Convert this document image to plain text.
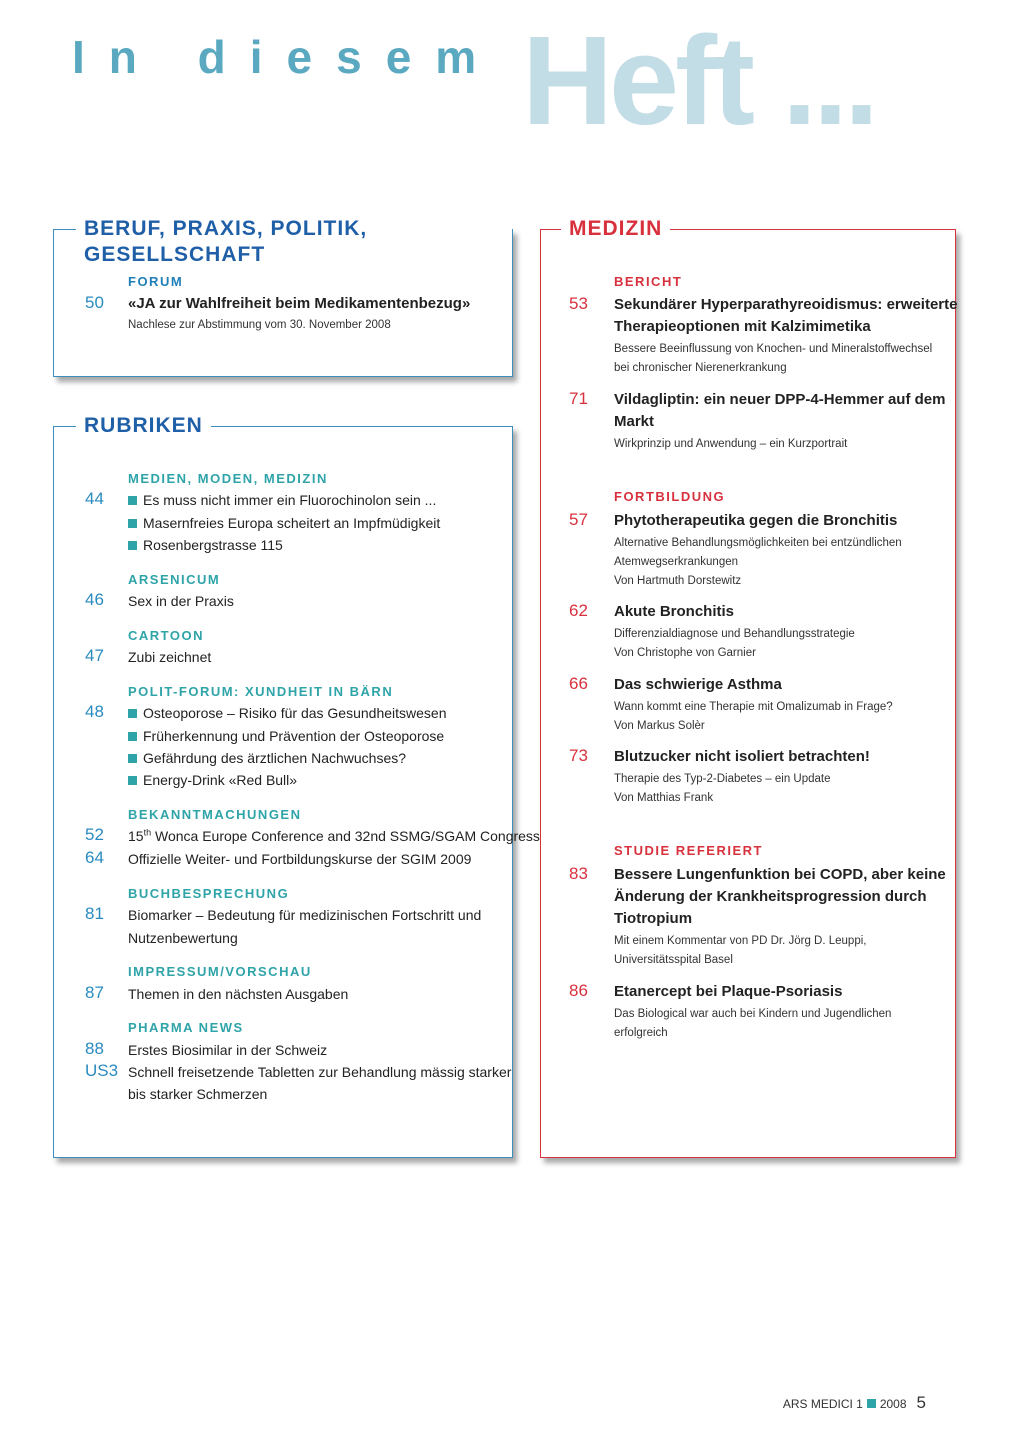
In diesem Heft ...
BERUF, PRAXIS, POLITIK, GESELLSCHAFT
FORUM
50 «JA zur Wahlfreiheit beim Medikamentenbezug»
Nachlese zur Abstimmung vom 30. November 2008
RUBRIKEN
MEDIEN, MODEN, MEDIZIN
44	Es muss nicht immer ein Fluorochinolon sein ...
Masernfreies Europa scheitert an Impfmüdigkeit
Rosenbergstrasse 115
ARSENICUM
46 Sex in der Praxis
CARTOON
47 Zubi zeichnet
POLIT-FORUM: XUNDHEIT IN BÄRN
48	Osteoporose – Risiko für das Gesundheitswesen
Früherkennung und Prävention der Osteoporose
Gefährdung des ärztlichen Nachwuchses?
Energy-Drink «Red Bull»
BEKANNTMACHUNGEN
52 15th Wonca Europe Conference and 32nd SSMG/SGAM Congress
64 Offizielle Weiter- und Fortbildungskurse der SGIM 2009
BUCHBESPRECHUNG
81 Biomarker – Bedeutung für medizinischen Fortschritt und
Nutzenbewertung
IMPRESSUM/VORSCHAU
87 Themen in den nächsten Ausgaben
PHARMA NEWS
88 Erstes Biosimilar in der Schweiz
US3 Schnell freisetzende Tabletten zur Behandlung mässig starker
bis starker Schmerzen
MEDIZIN
BERICHT
53 Sekundärer Hyperparathyreoidismus: erweiterte
Therapieoptionen mit Kalzimimetika
Bessere Beeinflussung von Knochen- und Mineralstoffwechsel
bei chronischer Nierenerkrankung
71 Vildagliptin: ein neuer DPP-4-Hemmer auf dem
Markt
Wirkprinzip und Anwendung – ein Kurzportrait
FORTBILDUNG
57 Phytotherapeutika gegen die Bronchitis
Alternative Behandlungsmöglichkeiten bei entzündlichen
Atemwegserkrankungen
Von Hartmuth Dorstewitz
62 Akute Bronchitis
Differenzialdiagnose und Behandlungsstrategie
Von Christophe von Garnier
66 Das schwierige Asthma
Wann kommt eine Therapie mit Omalizumab in Frage?
Von Markus Solèr
73 Blutzucker nicht isoliert betrachten!
Therapie des Typ-2-Diabetes – ein Update
Von Matthias Frank
STUDIE REFERIERT
83 Bessere Lungenfunktion bei COPD, aber keine
Änderung der Krankheitsprogression durch
Tiotropium
Mit einem Kommentar von PD Dr. Jörg D. Leuppi,
Universitätsspital Basel
86 Etanercept bei Plaque-Psoriasis
Das Biological war auch bei Kindern und Jugendlichen
erfolgreich
ARS MEDICI 1 2008 5
